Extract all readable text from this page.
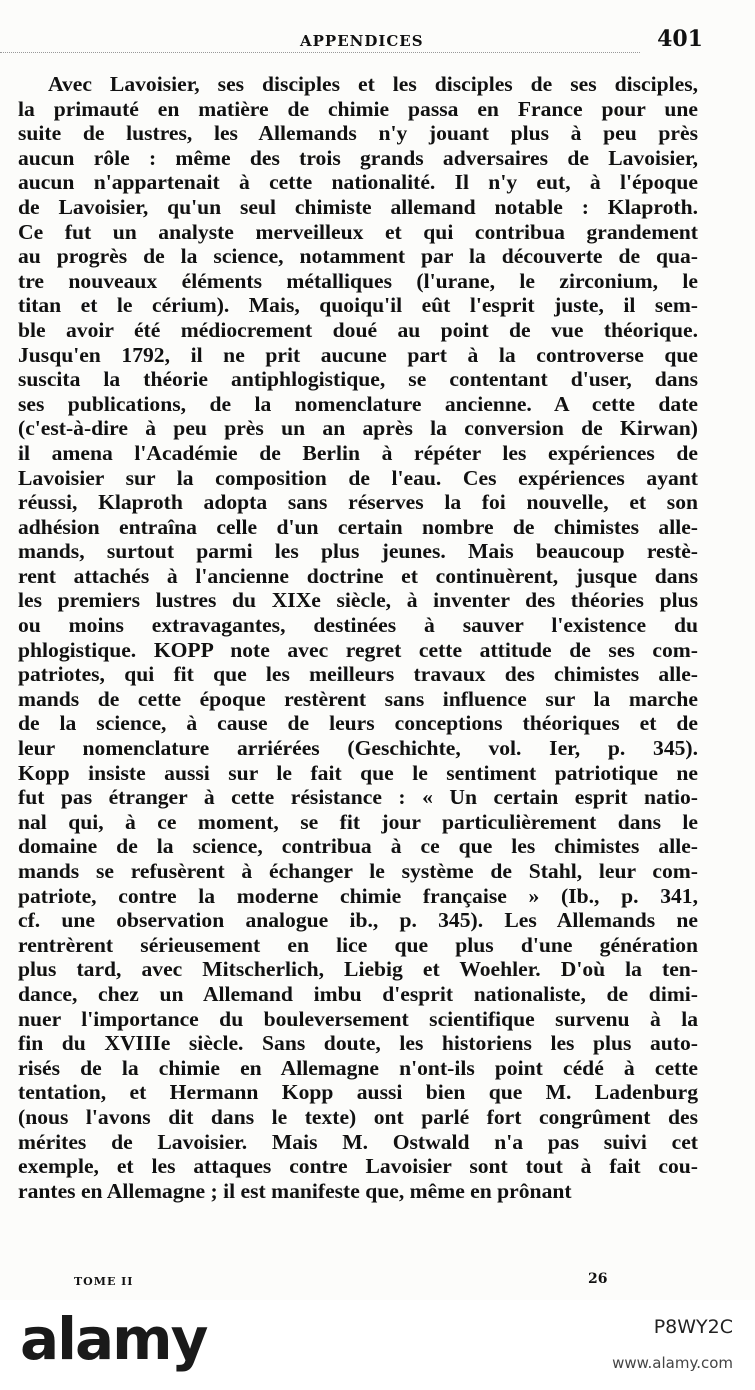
APPENDICES	401
Avec Lavoisier, ses disciples et les disciples de ses disciples,
la primauté en matière de chimie passa en France pour une
suite de lustres, les Allemands n'y jouant plus à peu près
aucun rôle : même des trois grands adversaires de Lavoisier,
aucun n'appartenait à cette nationalité. Il n'y eut, à l'époque
de Lavoisier, qu'un seul chimiste allemand notable : Klaproth.
Ce fut un analyste merveilleux et qui contribua grandement
au progrès de la science, notamment par la découverte de qua-
tre nouveaux éléments métalliques (l'urane, le zirconium, le
titan et le cérium). Mais, quoiqu'il eût l'esprit juste, il sem-
ble avoir été médiocrement doué au point de vue théorique.
Jusqu'en 1792, il ne prit aucune part à la controverse que
suscita la théorie antiphlogistique, se contentant d'user, dans
ses publications, de la nomenclature ancienne. A cette date
(c'est-à-dire à peu près un an après la conversion de Kirwan)
il amena l'Académie de Berlin à répéter les expériences de
Lavoisier sur la composition de l'eau. Ces expériences ayant
réussi, Klaproth adopta sans réserves la foi nouvelle, et son
adhésion entraîna celle d'un certain nombre de chimistes alle-
mands, surtout parmi les plus jeunes. Mais beaucoup restè-
rent attachés à l'ancienne doctrine et continuèrent, jusque dans
les premiers lustres du XIXe siècle, à inventer des théories plus
ou moins extravagantes, destinées à sauver l'existence du
phlogistique. KOPP note avec regret cette attitude de ses com-
patriotes, qui fit que les meilleurs travaux des chimistes alle-
mands de cette époque restèrent sans influence sur la marche
de la science, à cause de leurs conceptions théoriques et de
leur nomenclature arriérées (Geschichte, vol. Ier, p. 345).
Kopp insiste aussi sur le fait que le sentiment patriotique ne
fut pas étranger à cette résistance : « Un certain esprit natio-
nal qui, à ce moment, se fit jour particulièrement dans le
domaine de la science, contribua à ce que les chimistes alle-
mands se refusèrent à échanger le système de Stahl, leur com-
patriote, contre la moderne chimie française » (Ib., p. 341,
cf. une observation analogue ib., p. 345). Les Allemands ne
rentrèrent sérieusement en lice que plus d'une génération
plus tard, avec Mitscherlich, Liebig et Woehler. D'où la ten-
dance, chez un Allemand imbu d'esprit nationaliste, de dimi-
nuer l'importance du bouleversement scientifique survenu à la
fin du XVIIIe siècle. Sans doute, les historiens les plus auto-
risés de la chimie en Allemagne n'ont-ils point cédé à cette
tentation, et Hermann Kopp aussi bien que M. Ladenburg
(nous l'avons dit dans le texte) ont parlé fort congrûment des
mérites de Lavoisier. Mais M. Ostwald n'a pas suivi cet
exemple, et les attaques contre Lavoisier sont tout à fait cou-
rantes en Allemagne ; il est manifeste que, même en prônant
TOME II	26
alamy	P8WY2C
www.alamy.com
